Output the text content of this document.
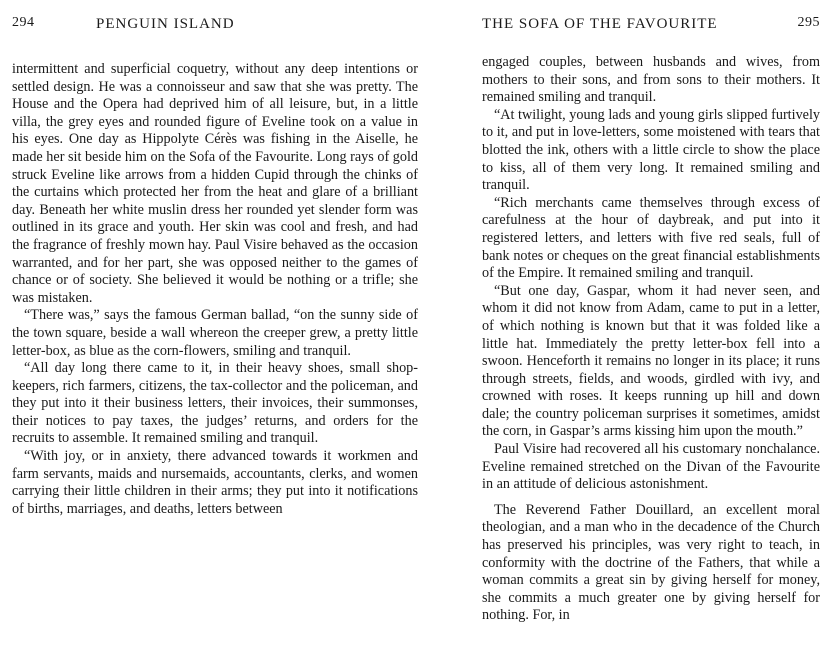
294	PENGUIN ISLAND

intermittent and superficial coquetry, without any deep intentions or settled design. He was a connoisseur and saw that she was pretty. The House and the Opera had deprived him of all leisure, but, in a little villa, the grey eyes and rounded figure of Eveline took on a value in his eyes. One day as Hippolyte Cérès was fishing in the Aiselle, he made her sit beside him on the Sofa of the Favourite. Long rays of gold struck Eveline like arrows from a hidden Cupid through the chinks of the curtains which protected her from the heat and glare of a brilliant day. Beneath her white muslin dress her rounded yet slender form was outlined in its grace and youth. Her skin was cool and fresh, and had the fragrance of freshly mown hay. Paul Visire behaved as the occasion warranted, and for her part, she was opposed neither to the games of chance or of society. She believed it would be nothing or a trifle; she was mistaken.

“There was,” says the famous German ballad, “on the sunny side of the town square, beside a wall whereon the creeper grew, a pretty little letter-box, as blue as the corn-flowers, smiling and tranquil.

“All day long there came to it, in their heavy shoes, small shop-keepers, rich farmers, citizens, the tax-collector and the policeman, and they put into it their business letters, their invoices, their summonses, their notices to pay taxes, the judges’ returns, and orders for the recruits to assemble. It remained smiling and tranquil.

“With joy, or in anxiety, there advanced towards it workmen and farm servants, maids and nursemaids, accountants, clerks, and women carrying their little children in their arms; they put into it notifications of births, marriages, and deaths, letters between

THE SOFA OF THE FAVOURITE	295

engaged couples, between husbands and wives, from mothers to their sons, and from sons to their mothers. It remained smiling and tranquil.

“At twilight, young lads and young girls slipped furtively to it, and put in love-letters, some moistened with tears that blotted the ink, others with a little circle to show the place to kiss, all of them very long. It remained smiling and tranquil.

“Rich merchants came themselves through excess of carefulness at the hour of daybreak, and put into it registered letters, and letters with five red seals, full of bank notes or cheques on the great financial establishments of the Empire. It remained smiling and tranquil.

“But one day, Gaspar, whom it had never seen, and whom it did not know from Adam, came to put in a letter, of which nothing is known but that it was folded like a little hat. Immediately the pretty letter-box fell into a swoon. Henceforth it remains no longer in its place; it runs through streets, fields, and woods, girdled with ivy, and crowned with roses. It keeps running up hill and down dale; the country policeman surprises it sometimes, amidst the corn, in Gaspar’s arms kissing him upon the mouth.”

Paul Visire had recovered all his customary nonchalance. Eveline remained stretched on the Divan of the Favourite in an attitude of delicious astonishment.

The Reverend Father Douillard, an excellent moral theologian, and a man who in the decadence of the Church has preserved his principles, was very right to teach, in conformity with the doctrine of the Fathers, that while a woman commits a great sin by giving herself for money, she commits a much greater one by giving herself for nothing. For, in
